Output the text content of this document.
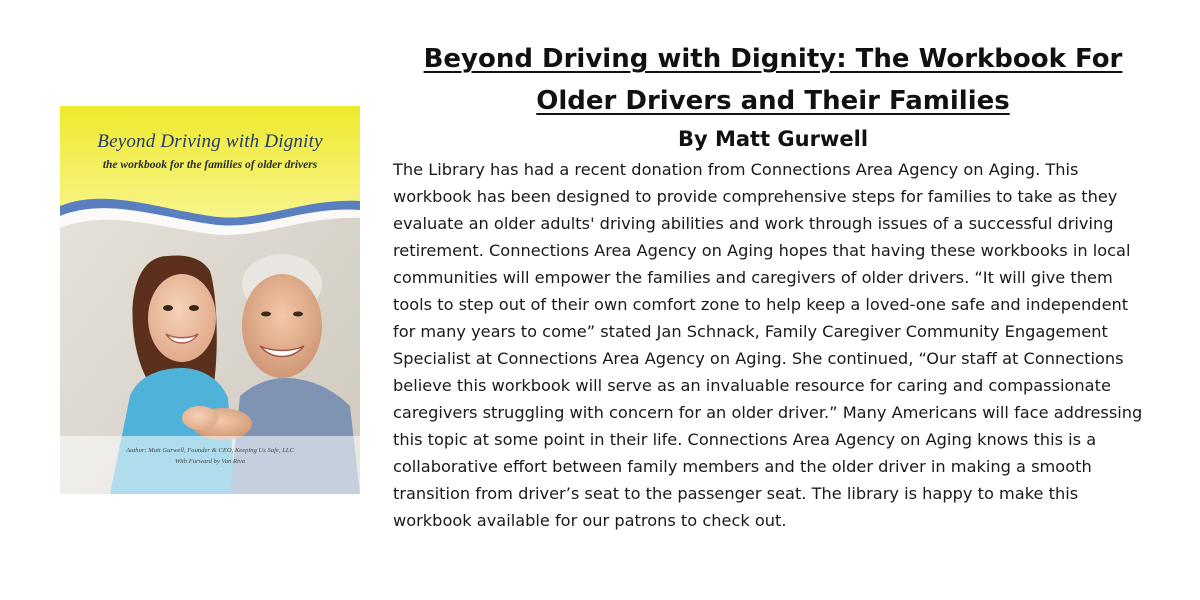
Beyond Driving with Dignity
the workbook for the families of older drivers
Author: Matt Gurwell, Founder & CEO, Keeping Us Safe, LLC
With Forward by Van Riva
Beyond Driving with Dignity: The Workbook For Older Drivers and Their Families
By Matt Gurwell

The Library has had a recent donation from Connections Area Agency on Aging. This workbook has been designed to provide comprehensive steps for families to take as they evaluate an older adults' driving abilities and work through issues of a successful driving retirement. Connections Area Agency on Aging hopes that having these workbooks in local communities will empower the families and caregivers of older drivers. “It will give them tools to step out of their own comfort zone to help keep a loved-one safe and independent for many years to come” stated Jan Schnack, Family Caregiver Community Engagement Specialist at Connections Area Agency on Aging. She continued, “Our staff at Connections believe this workbook will serve as an invaluable resource for caring and compassionate caregivers struggling with concern for an older driver.” Many Americans will face addressing this topic at some point in their life. Connections Area Agency on Aging knows this is a collaborative effort between family members and the older driver in making a smooth transition from driver’s seat to the passenger seat. The library is happy to make this workbook available for our patrons to check out.
